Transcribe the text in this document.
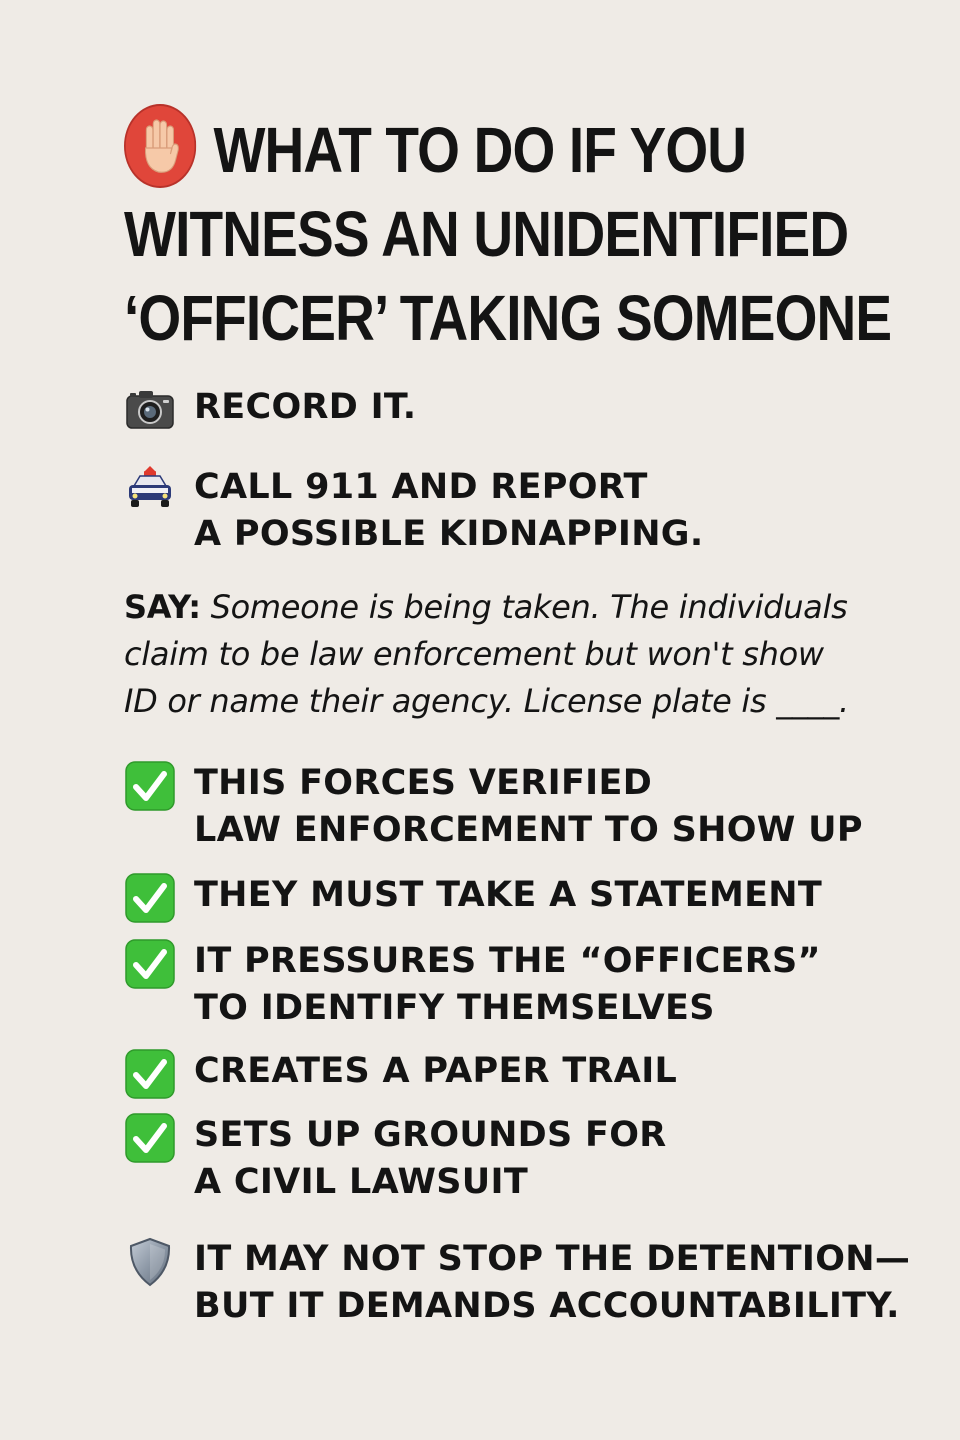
WHAT TO DO IF YOU
WITNESS AN UNIDENTIFIED
‘OFFICER’ TAKING SOMEONE
RECORD IT.
CALL 911 AND REPORT
A POSSIBLE KIDNAPPING.
SAY: Someone is being taken. The individuals
claim to be law enforcement but won't show
ID or name their agency. License plate is ____.
THIS FORCES VERIFIED
LAW ENFORCEMENT TO SHOW UP
THEY MUST TAKE A STATEMENT
IT PRESSURES THE “OFFICERS”
TO IDENTIFY THEMSELVES
CREATES A PAPER TRAIL
SETS UP GROUNDS FOR
A CIVIL LAWSUIT
IT MAY NOT STOP THE DETENTION—
BUT IT DEMANDS ACCOUNTABILITY.
